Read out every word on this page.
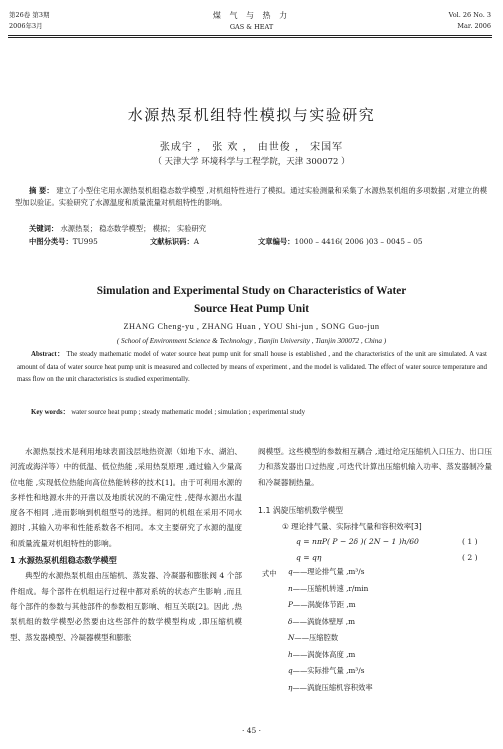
第26卷 第3期
2006年3月
煤 气 与 热 力
GAS & HEAT
Vol. 26 No. 3
Mar. 2006
水源热泵机组特性模拟与实验研究
张成宇 ， 张 欢 ， 由世俊 ， 宋国军
（ 天津大学 环境科学与工程学院，天津 300072 ）
摘 要： 建立了小型住宅用水源热泵机组稳态数学模型 ,对机组特性进行了模拟。通过实验测量和采集了水源热泵机组的多项数据 ,对建立的模型加以验证。实验研究了水源温度和质量流量对机组特性的影响。
关键词： 水源热泵； 稳态数学模型； 模拟； 实验研究
中图分类号：TU995	文献标识码：A	文章编号：1000 – 4416( 2006 )03 – 0045 – 05
Simulation and Experimental Study on Characteristics of Water
Source Heat Pump Unit
ZHANG Cheng-yu , ZHANG Huan , YOU Shi-jun , SONG Guo-jun
( School of Environment Science & Technology , Tianjin University , Tianjin 300072 , China )
Abstract： The steady mathematic model of water source heat pump unit for small house is established , and the characteristics of the unit are simulated. A vast amount of data of water source heat pump unit is measured and collected by means of experiment , and the model is validated. The effect of water source temperature and mass flow on the unit characteristics is studied experimentally.
Key words： water source heat pump ; steady mathematic model ; simulation ; experimental study

水源热泵技术是利用地球表面浅层地热资源（如地下水、湖泊、河流或海洋等）中的低温、低位热能 ,采用热泵原理 ,通过输入少量高位电能 ,实现低位热能向高位热能转移的技术[1]。由于可利用水源的多样性和地源水井的开凿以及地质状况的不确定性 ,使得水源出水温度各不相同 ,进而影响到机组型号的选择。相同的机组在采用不同水源时 ,其输入功率和性能系数各不相同。本文主要研究了水源的温度和质量流量对机组特性的影响。

1 水源热泵机组稳态数学模型

典型的水源热泵机组由压缩机、蒸发器、冷凝器和膨胀阀 4 个部件组成。每个部件在机组运行过程中都对系统的状态产生影响 ,而且每个部件的参数与其他部件的参数相互影响、相互关联[2]。因此 ,热泵机组的数学模型必然要由这些部件的数学模型构成 ,即压缩机模型、蒸发器模型、冷凝器模型和膨胀

阀模型。这些模型的参数相互耦合 ,通过给定压缩机入口压力、出口压力和蒸发器出口过热度 ,可迭代计算出压缩机输入功率、蒸发器制冷量和冷凝器制热量。

1.1 涡旋压缩机数学模型
① 理论排气量、实际排气量和容积效率[3]
q = nπP( P − 2δ )( 2N − 1 )h/60	( 1 )
q = qη	( 2 )
式中 q——理论排气量 ,m³/s
n——压缩机转速 ,r/min
P——涡旋体节距 ,m
δ——涡旋体壁厚 ,m
N——压缩腔数
h——涡旋体高度 ,m
q——实际排气量 ,m³/s
η——涡旋压缩机容积效率
· 45 ·
